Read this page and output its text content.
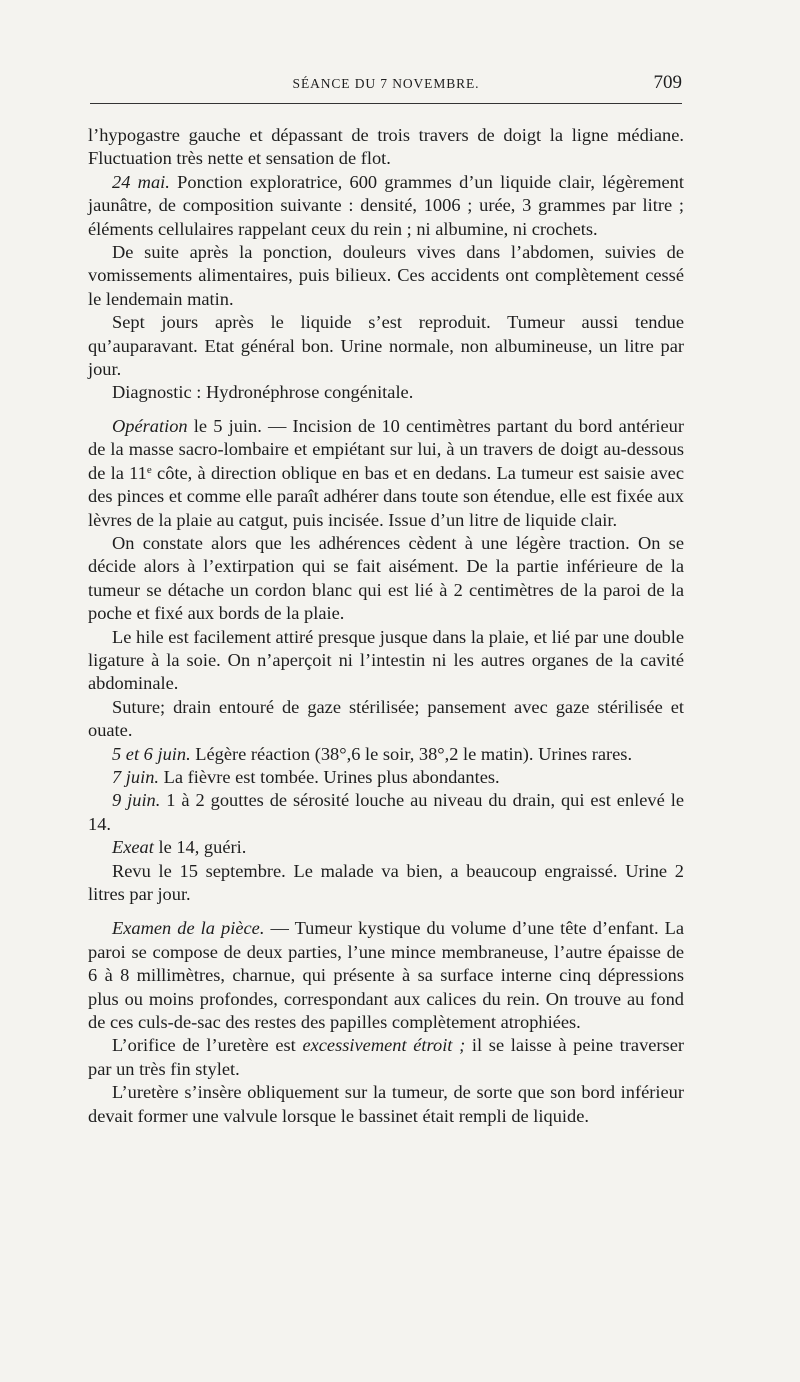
SÉANCE DU 7 NOVEMBRE.	709

l’hypogastre gauche et dépassant de trois travers de doigt la ligne médiane. Fluctuation très nette et sensation de flot.

24 mai. Ponction exploratrice, 600 grammes d’un liquide clair, légèrement jaunâtre, de composition suivante : densité, 1006 ; urée, 3 grammes par litre ; éléments cellulaires rappelant ceux du rein ; ni albumine, ni crochets.

De suite après la ponction, douleurs vives dans l’abdomen, suivies de vomissements alimentaires, puis bilieux. Ces accidents ont complètement cessé le lendemain matin.

Sept jours après le liquide s’est reproduit. Tumeur aussi tendue qu’auparavant. Etat général bon. Urine normale, non albumineuse, un litre par jour.

Diagnostic : Hydronéphrose congénitale.

Opération le 5 juin. — Incision de 10 centimètres partant du bord antérieur de la masse sacro-lombaire et empiétant sur lui, à un travers de doigt au-dessous de la 11e côte, à direction oblique en bas et en dedans. La tumeur est saisie avec des pinces et comme elle paraît adhérer dans toute son étendue, elle est fixée aux lèvres de la plaie au catgut, puis incisée. Issue d’un litre de liquide clair.

On constate alors que les adhérences cèdent à une légère traction. On se décide alors à l’extirpation qui se fait aisément. De la partie inférieure de la tumeur se détache un cordon blanc qui est lié à 2 centimètres de la paroi de la poche et fixé aux bords de la plaie.

Le hile est facilement attiré presque jusque dans la plaie, et lié par une double ligature à la soie. On n’aperçoit ni l’intestin ni les autres organes de la cavité abdominale.

Suture; drain entouré de gaze stérilisée; pansement avec gaze stérilisée et ouate.

5 et 6 juin. Légère réaction (38°,6 le soir, 38°,2 le matin). Urines rares.

7 juin. La fièvre est tombée. Urines plus abondantes.

9 juin. 1 à 2 gouttes de sérosité louche au niveau du drain, qui est enlevé le 14.

Exeat le 14, guéri.

Revu le 15 septembre. Le malade va bien, a beaucoup engraissé. Urine 2 litres par jour.

Examen de la pièce. — Tumeur kystique du volume d’une tête d’enfant. La paroi se compose de deux parties, l’une mince membraneuse, l’autre épaisse de 6 à 8 millimètres, charnue, qui présente à sa surface interne cinq dépressions plus ou moins profondes, correspondant aux calices du rein. On trouve au fond de ces culs-de-sac des restes des papilles complètement atrophiées.

L’orifice de l’uretère est excessivement étroit ; il se laisse à peine traverser par un très fin stylet.

L’uretère s’insère obliquement sur la tumeur, de sorte que son bord inférieur devait former une valvule lorsque le bassinet était rempli de liquide.
